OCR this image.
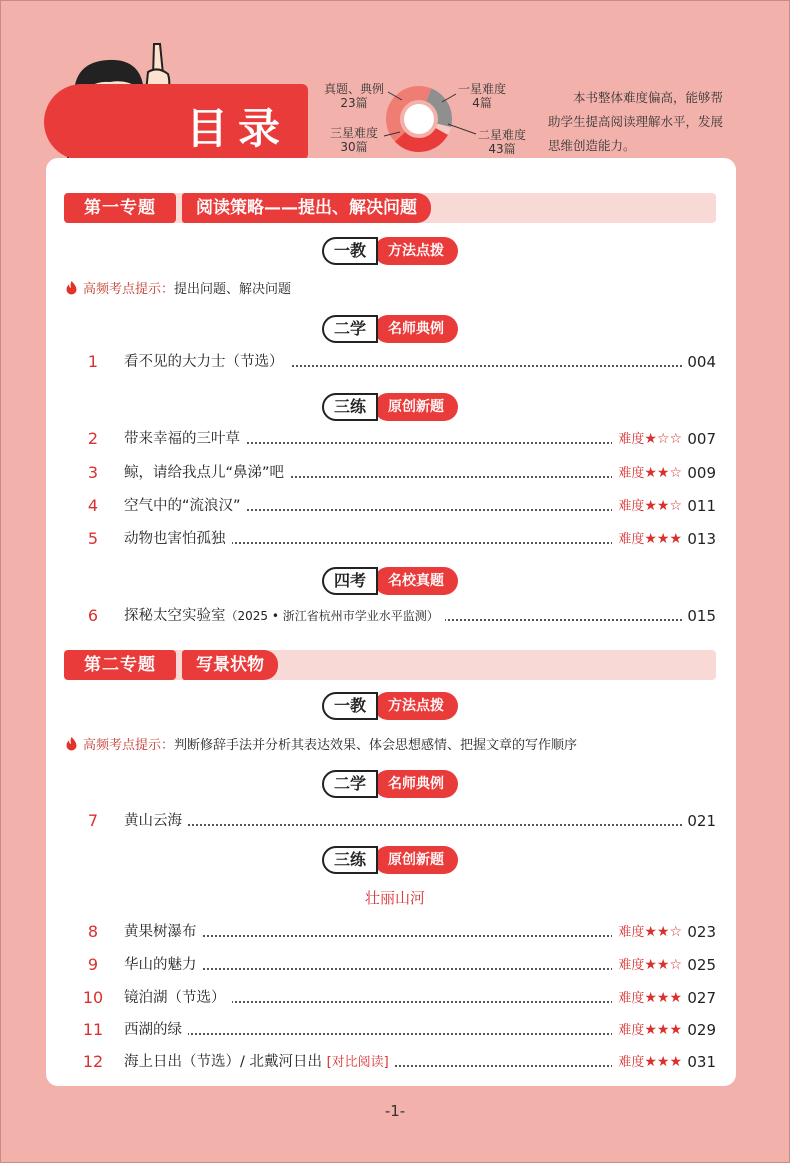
目录
真题、典例
23篇
一星难度
4篇
三星难度
30篇
二星难度
43篇
本书整体难度偏高，能够帮助学生提高阅读理解水平，发展思维创造能力。
第一专题	阅读策略——提出、解决问题
方法点拨
一教
高频考点提示：提出问题、解决问题
名师典例
二学
1	看不见的大力士（节选）	004
原创新题
三练
2	带来幸福的三叶草	难度★☆☆ 007
3	鲸，请给我点儿“鼻涕”吧	难度★★☆ 009
4	空气中的“流浪汉”	难度★★☆ 011
5	动物也害怕孤独	难度★★★ 013
名校真题
四考
6	探秘太空实验室（2025 • 浙江省杭州市学业水平监测）	015
第二专题	写景状物
方法点拨
一教
高频考点提示：判断修辞手法并分析其表达效果、体会思想感情、把握文章的写作顺序
名师典例
二学
7	黄山云海	021
原创新题
三练
壮丽山河
8	黄果树瀑布	难度★★☆ 023
9	华山的魅力	难度★★☆ 025
10	镜泊湖（节选）	难度★★★ 027
11	西湖的绿	难度★★★ 029
12	海上日出（节选）/ 北戴河日出 [对比阅读]	难度★★★ 031
-1-
